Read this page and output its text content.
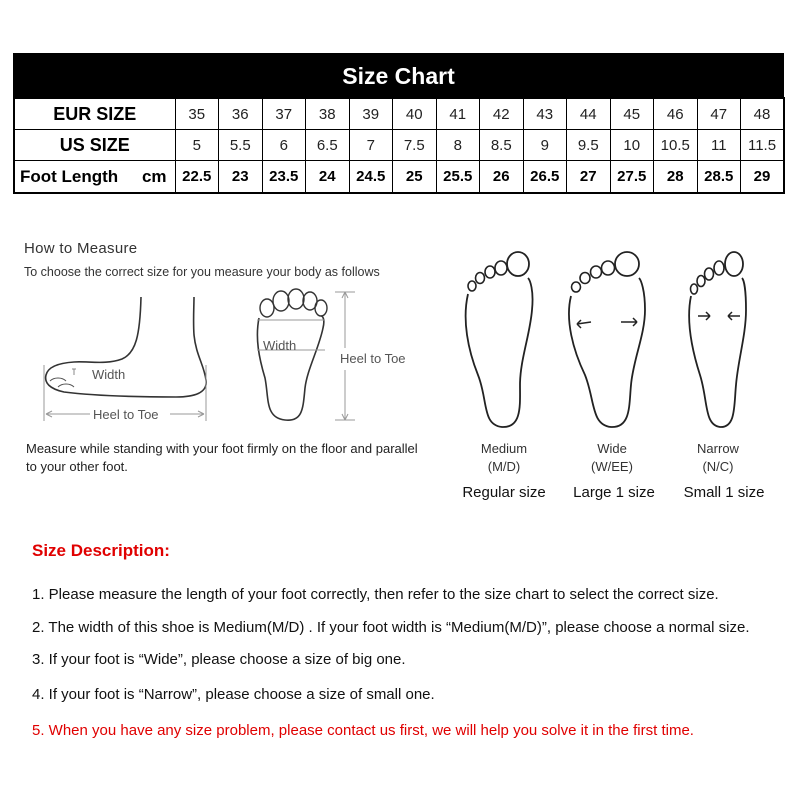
Size Chart
EUR SIZE		35	36	37	38	39	40	41	42	43	44	45	46	47	48
US SIZE		5	5.5	6	6.5	7	7.5	8	8.5	9	9.5	10	10.5	11	11.5
Foot Length	cm	22.5	23	23.5	24	24.5	25	25.5	26	26.5	27	27.5	28	28.5	29
How to Measure
To choose the correct size for you measure your body as follows
Width
Heel to Toe
Width
Heel to Toe
Measure while standing with your foot firmly on the floor and parallel to your other foot.
Medium
(M/D)
Wide
(W/EE)
Narrow
(N/C)
Regular size	Large 1 size	Small 1 size
Size Description:
1. Please measure the length of your foot correctly, then refer to the size chart to select the correct size.
2. The width of this shoe is Medium(M/D) . If your foot width is “Medium(M/D)”, please choose a normal size.
3. If your foot is “Wide”, please choose a size of big one.
4. If your foot is “Narrow”, please choose a size of small one.
5. When you have any size problem, please contact us first, we will help you solve it in the first time.
